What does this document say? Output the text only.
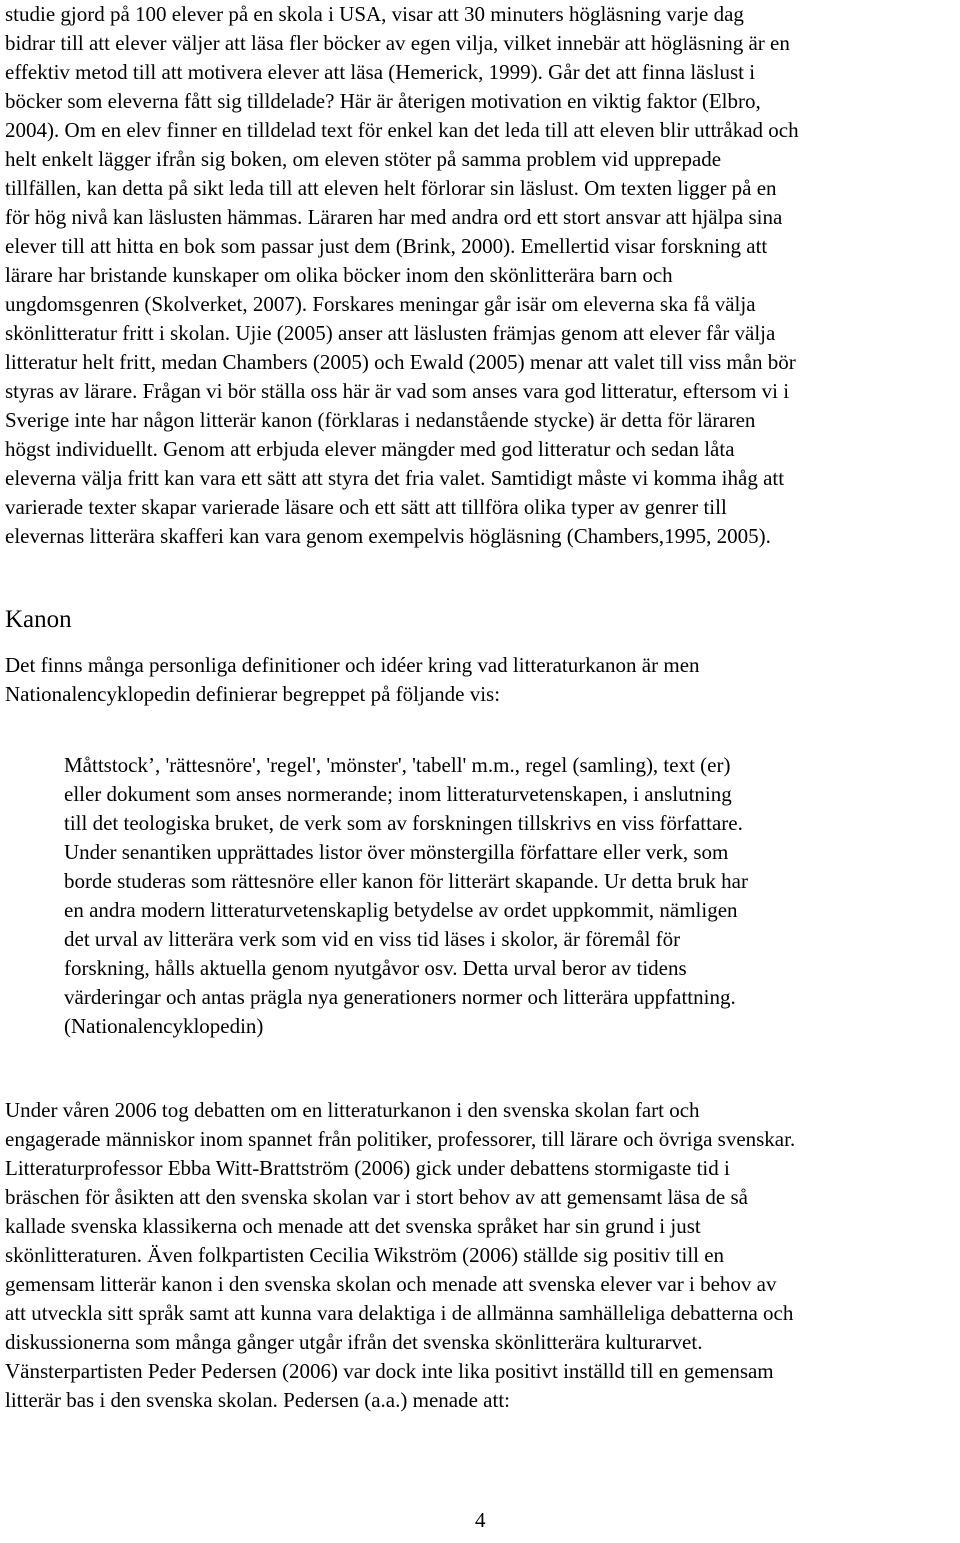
studie gjord på 100 elever på en skola i USA, visar att 30 minuters högläsning varje dag

bidrar till att elever väljer att läsa fler böcker av egen vilja, vilket innebär att högläsning är en

effektiv metod till att motivera elever att läsa (Hemerick, 1999). Går det att finna läslust i

böcker som eleverna fått sig tilldelade? Här är återigen motivation en viktig faktor (Elbro,

2004). Om en elev finner en tilldelad text för enkel kan det leda till att eleven blir uttråkad och

helt enkelt lägger ifrån sig boken, om eleven stöter på samma problem vid upprepade

tillfällen, kan detta på sikt leda till att eleven helt förlorar sin läslust. Om texten ligger på en

för hög nivå kan läslusten hämmas. Läraren har med andra ord ett stort ansvar att hjälpa sina

elever till att hitta en bok som passar just dem (Brink, 2000). Emellertid visar forskning att

lärare har bristande kunskaper om olika böcker inom den skönlitterära barn och

ungdomsgenren (Skolverket, 2007). Forskares meningar går isär om eleverna ska få välja

skönlitteratur fritt i skolan. Ujie (2005) anser att läslusten främjas genom att elever får välja

litteratur helt fritt, medan Chambers (2005) och Ewald (2005) menar att valet till viss mån bör

styras av lärare. Frågan vi bör ställa oss här är vad som anses vara god litteratur, eftersom vi i

Sverige inte har någon litterär kanon (förklaras i nedanstående stycke) är detta för läraren

högst individuellt. Genom att erbjuda elever mängder med god litteratur och sedan låta

eleverna välja fritt kan vara ett sätt att styra det fria valet. Samtidigt måste vi komma ihåg att

varierade texter skapar varierade läsare och ett sätt att tillföra olika typer av genrer till

elevernas litterära skafferi kan vara genom exempelvis högläsning (Chambers,1995, 2005).

Kanon

Det finns många personliga definitioner och idéer kring vad litteraturkanon är men

Nationalencyklopedin definierar begreppet på följande vis:

Måttstock’, 'rättesnöre', 'regel', 'mönster', 'tabell' m.m., regel (samling), text (er)

eller dokument som anses normerande; inom litteraturvetenskapen, i anslutning

till det teologiska bruket, de verk som av forskningen tillskrivs en viss författare.

Under senantiken upprättades listor över mönstergilla författare eller verk, som

borde studeras som rättesnöre eller kanon för litterärt skapande. Ur detta bruk har

en andra modern litteraturvetenskaplig betydelse av ordet uppkommit, nämligen

det urval av litterära verk som vid en viss tid läses i skolor, är föremål för

forskning, hålls aktuella genom nyutgåvor osv. Detta urval beror av tidens

värderingar och antas prägla nya generationers normer och litterära uppfattning.

(Nationalencyklopedin)

Under våren 2006 tog debatten om en litteraturkanon i den svenska skolan fart och

engagerade människor inom spannet från politiker, professorer, till lärare och övriga svenskar.

Litteraturprofessor Ebba Witt-Brattström (2006) gick under debattens stormigaste tid i

bräschen för åsikten att den svenska skolan var i stort behov av att gemensamt läsa de så

kallade svenska klassikerna och menade att det svenska språket har sin grund i just

skönlitteraturen. Även folkpartisten Cecilia Wikström (2006) ställde sig positiv till en

gemensam litterär kanon i den svenska skolan och menade att svenska elever var i behov av

att utveckla sitt språk samt att kunna vara delaktiga i de allmänna samhälleliga debatterna och

diskussionerna som många gånger utgår ifrån det svenska skönlitterära kulturarvet.

Vänsterpartisten Peder Pedersen (2006) var dock inte lika positivt inställd till en gemensam

litterär bas i den svenska skolan. Pedersen (a.a.) menade att:

4
